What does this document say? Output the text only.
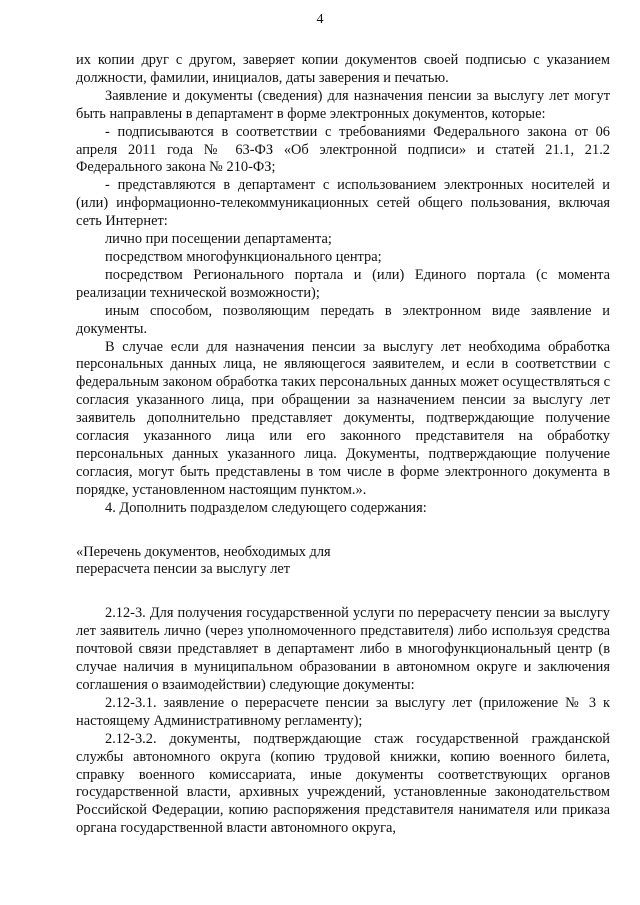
4

их копии друг с другом, заверяет копии документов своей подписью с указанием должности, фамилии, инициалов, даты заверения и печатью.

Заявление и документы (сведения) для назначения пенсии за выслугу лет могут быть направлены в департамент в форме электронных документов, которые:

- подписываются в соответствии с требованиями Федерального закона от 06 апреля 2011 года № 63-ФЗ «Об электронной подписи» и статей 21.1, 21.2 Федерального закона № 210-ФЗ;

- представляются в департамент с использованием электронных носителей и (или) информационно-телекоммуникационных сетей общего пользования, включая сеть Интернет:

лично при посещении департамента;

посредством многофункционального центра;

посредством Регионального портала и (или) Единого портала (с момента реализации технической возможности);

иным способом, позволяющим передать в электронном виде заявление и документы.

В случае если для назначения пенсии за выслугу лет необходима обработка персональных данных лица, не являющегося заявителем, и если в соответствии с федеральным законом обработка таких персональных данных может осуществляться с согласия указанного лица, при обращении за назначением пенсии за выслугу лет заявитель дополнительно представляет документы, подтверждающие получение согласия указанного лица или его законного представителя на обработку персональных данных указанного лица. Документы, подтверждающие получение согласия, могут быть представлены в том числе в форме электронного документа в порядке, установленном настоящим пунктом.».

4. Дополнить подразделом следующего содержания:

«Перечень документов, необходимых для

перерасчета пенсии за выслугу лет

2.12-3. Для получения государственной услуги по перерасчету пенсии за выслугу лет заявитель лично (через уполномоченного представителя) либо используя средства почтовой связи представляет в департамент либо в многофункциональный центр (в случае наличия в муниципальном образовании в автономном округе и заключения соглашения о взаимодействии) следующие документы:

2.12-3.1. заявление о перерасчете пенсии за выслугу лет (приложение № 3 к настоящему Административному регламенту);

2.12-3.2. документы, подтверждающие стаж государственной гражданской службы автономного округа (копию трудовой книжки, копию военного билета, справку военного комиссариата, иные документы соответствующих органов государственной власти, архивных учреждений, установленные законодательством Российской Федерации, копию распоряжения представителя нанимателя или приказа органа государственной власти автономного округа,
